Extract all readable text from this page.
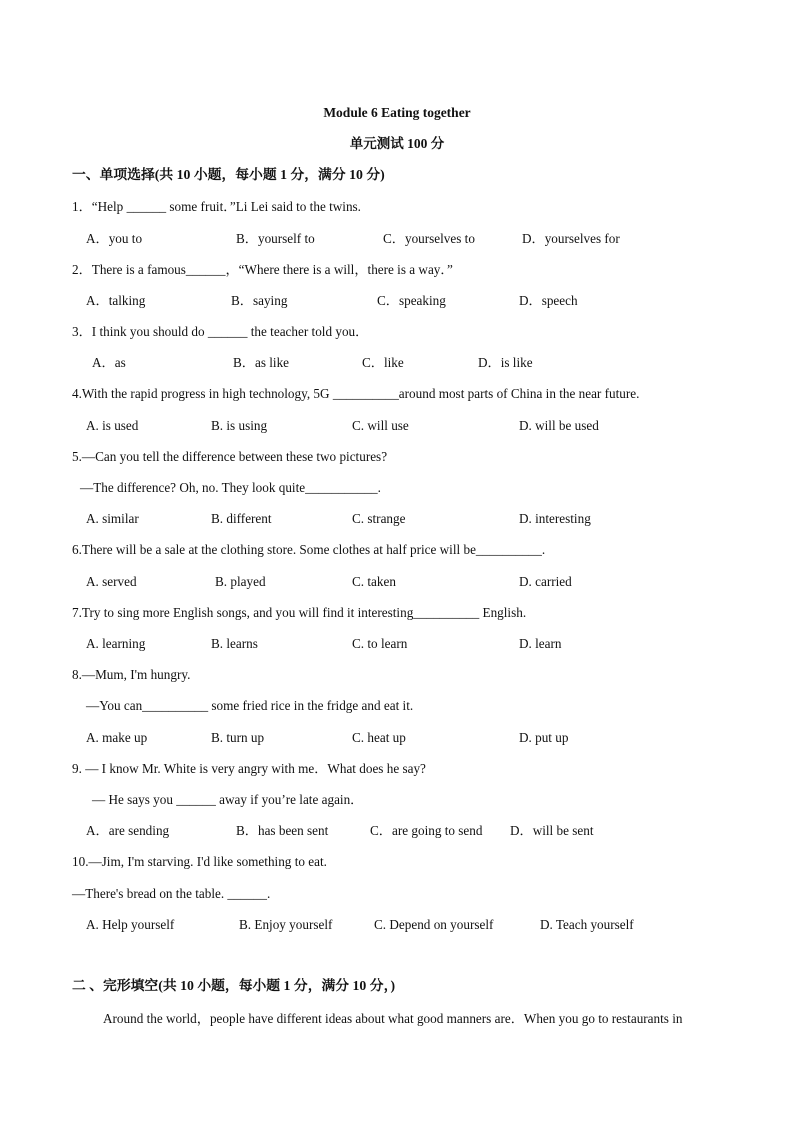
Module 6 Eating together
单元测试 100 分
一、单项选择(共 10 小题，每小题 1 分，满分 10 分)
1．“Help ______ some fruit．”Li Lei said to the twins.
A．you to	B．yourself to	C．yourselves to	D．yourselves for
2．There is a famous______，“Where there is a will，there is a way．”
A．talking	B．saying	C．speaking	D．speech
3．I think you should do ______ the teacher told you．
A．as	B．as like	C．like	D．is like
4.With the rapid progress in high technology, 5G __________around most parts of China in the near future.
A. is used	B. is using	C. will use	D. will be used
5.—Can you tell the difference between these two pictures?
—The difference? Oh, no. They look quite___________.
A. similar	B. different	C. strange	D. interesting
6.There will be a sale at the clothing store. Some clothes at half price will be__________.
A. served	B. played	C. taken	D. carried
7.Try to sing more English songs, and you will find it interesting__________ English.
A. learning	B. learns	C. to learn	D. learn
8.—Mum, I'm hungry.
—You can__________ some fried rice in the fridge and eat it.
A. make up	B. turn up	C. heat up	D. put up
9. — I know Mr. White is very angry with me．What does he say?
— He says you ______ away if you’re late again．
A．are sending	B．has been sent	C．are going to send D．will be sent
10.—Jim, I'm starving. I'd like something to eat.
—There's bread on the table. ______.
A. Help yourself	B. Enjoy yourself	C. Depend on yourself	D. Teach yourself
二 、完形填空(共 10 小题，每小题 1 分，满分 10 分，)
Around the world，people have different ideas about what good manners are．When you go to restaurants in
